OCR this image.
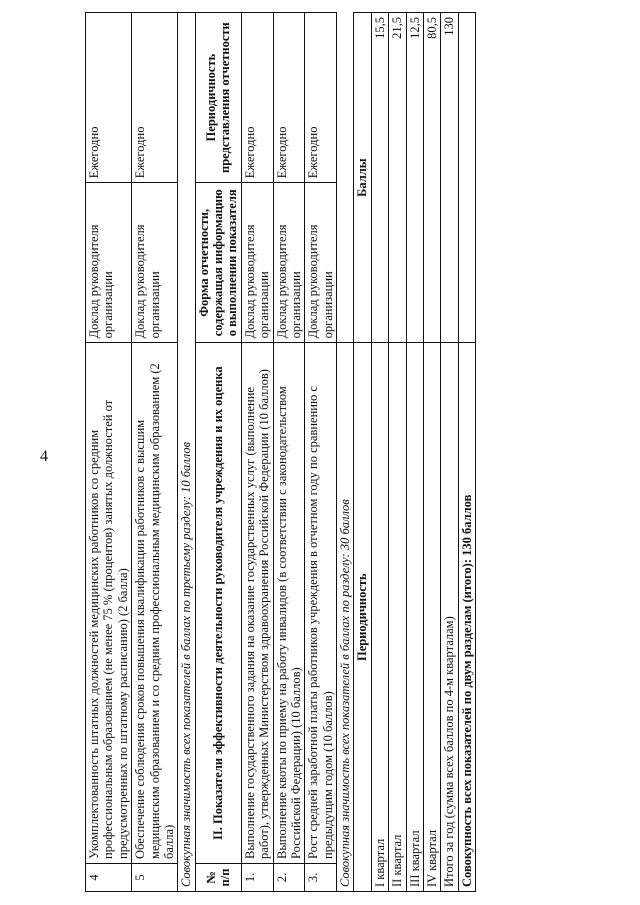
4
4	Укомплектованность штатных должностей медицинских работников со средним профессиональным образованием (не менее 75 % (процентов) занятых должностей от предусмотренных по штатному расписанию) (2 балла)	Доклад руководителя организации	Ежегодно
5	Обеспечение соблюдения сроков повышения квалификации работников с высшим медицинским образованием и со средним профессиональным медицинским образованием (2 балла)	Доклад руководителя организации	Ежегодно
Совокупная значимость всех показателей в баллах по третьему разделу: 10 баллов			
№ п/п	II. Показатели эффективности деятельности руководителя учреждения и их оценка	Форма отчетности, содержащая информацию о выполнении показателя	Периодичность представления отчетности
1.	Выполнение государственного задания на оказание государственных услуг (выполнение работ), утвержденных Министерством здравоохранения Российской Федерации (10 баллов)	Доклад руководителя организации	Ежегодно
2.	Выполнение квоты по приему на работу инвалидов (в соответствии с законодательством Российской Федерации) (10 баллов)	Доклад руководителя организации	Ежегодно
3.	Рост средней заработной платы работников учреждения в отчетном году по сравнению с предыдущим годом (10 баллов)	Доклад руководителя организации	Ежегодно
Совокупная значимость всех показателей в баллах по разделу: 30 баллов			
Периодичность		Баллы	
I квартал		15,5	
II квартал		21,5	
III квартал		12,5	
IV квартал		80,5	
Итого за год (сумма всех баллов по 4-м кварталам)		130	
Совокупность всех показателей по двум разделам (итого): 130 баллов			
